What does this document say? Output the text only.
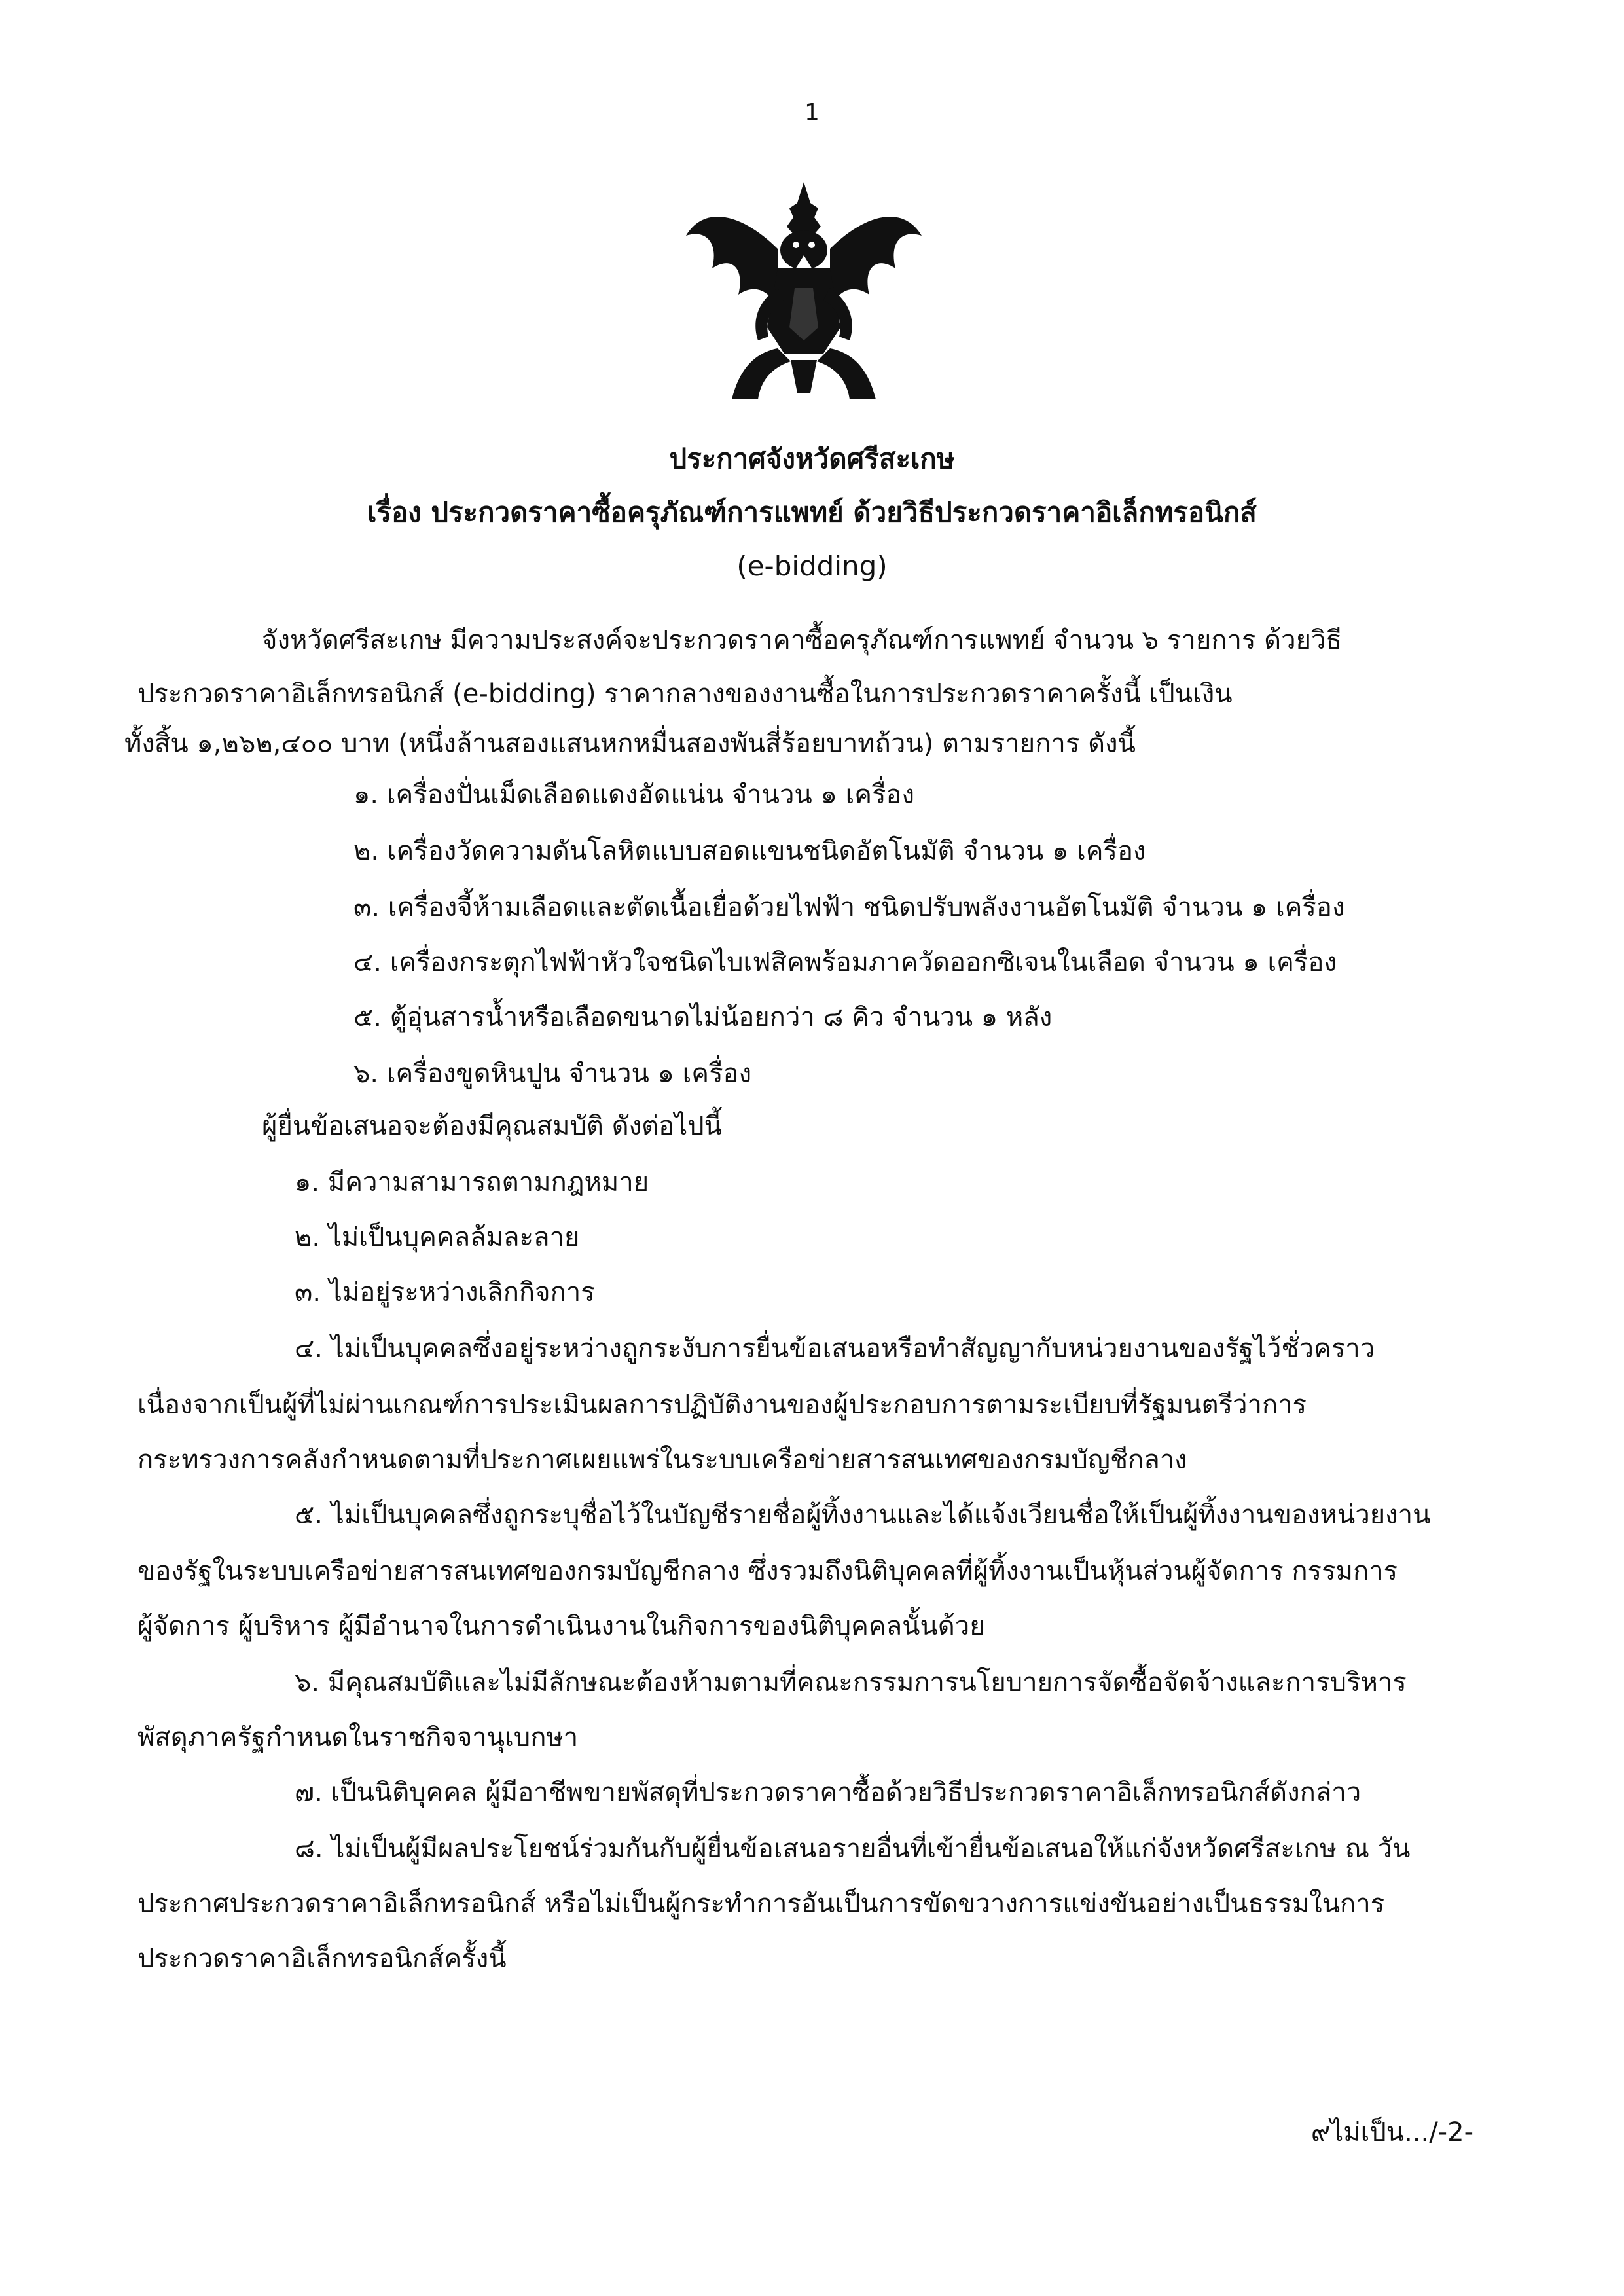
1
ประกาศจังหวัดศรีสะเกษ
เรื่อง ประกวดราคาซื้อครุภัณฑ์การแพทย์ ด้วยวิธีประกวดราคาอิเล็กทรอนิกส์
(e-bidding)
จังหวัดศรีสะเกษ มีความประสงค์จะประกวดราคาซื้อครุภัณฑ์การแพทย์ จำนวน ๖ รายการ ด้วยวิธี
ประกวดราคาอิเล็กทรอนิกส์ (e-bidding) ราคากลางของงานซื้อในการประกวดราคาครั้งนี้ เป็นเงิน
ทั้งสิ้น ๑,๒๖๒,๔๐๐ บาท (หนึ่งล้านสองแสนหกหมื่นสองพันสี่ร้อยบาทถ้วน) ตามรายการ ดังนี้
๑. เครื่องปั่นเม็ดเลือดแดงอัดแน่น จำนวน ๑ เครื่อง
๒. เครื่องวัดความดันโลหิตแบบสอดแขนชนิดอัตโนมัติ จำนวน ๑ เครื่อง
๓. เครื่องจี้ห้ามเลือดและตัดเนื้อเยื่อด้วยไฟฟ้า ชนิดปรับพลังงานอัตโนมัติ จำนวน ๑ เครื่อง
๔. เครื่องกระตุกไฟฟ้าหัวใจชนิดไบเฟสิคพร้อมภาควัดออกซิเจนในเลือด จำนวน ๑ เครื่อง
๕. ตู้อุ่นสารน้ำหรือเลือดขนาดไม่น้อยกว่า ๘ คิว จำนวน ๑ หลัง
๖. เครื่องขูดหินปูน จำนวน ๑ เครื่อง
ผู้ยื่นข้อเสนอจะต้องมีคุณสมบัติ ดังต่อไปนี้
๑. มีความสามารถตามกฎหมาย
๒. ไม่เป็นบุคคลล้มละลาย
๓. ไม่อยู่ระหว่างเลิกกิจการ
๔. ไม่เป็นบุคคลซึ่งอยู่ระหว่างถูกระงับการยื่นข้อเสนอหรือทำสัญญากับหน่วยงานของรัฐไว้ชั่วคราว
เนื่องจากเป็นผู้ที่ไม่ผ่านเกณฑ์การประเมินผลการปฏิบัติงานของผู้ประกอบการตามระเบียบที่รัฐมนตรีว่าการ
กระทรวงการคลังกำหนดตามที่ประกาศเผยแพร่ในระบบเครือข่ายสารสนเทศของกรมบัญชีกลาง
๕. ไม่เป็นบุคคลซึ่งถูกระบุชื่อไว้ในบัญชีรายชื่อผู้ทิ้งงานและได้แจ้งเวียนชื่อให้เป็นผู้ทิ้งงานของหน่วยงาน
ของรัฐในระบบเครือข่ายสารสนเทศของกรมบัญชีกลาง ซึ่งรวมถึงนิติบุคคลที่ผู้ทิ้งงานเป็นหุ้นส่วนผู้จัดการ กรรมการ
ผู้จัดการ ผู้บริหาร ผู้มีอำนาจในการดำเนินงานในกิจการของนิติบุคคลนั้นด้วย
๖. มีคุณสมบัติและไม่มีลักษณะต้องห้ามตามที่คณะกรรมการนโยบายการจัดซื้อจัดจ้างและการบริหาร
พัสดุภาครัฐกำหนดในราชกิจจานุเบกษา
๗. เป็นนิติบุคคล ผู้มีอาชีพขายพัสดุที่ประกวดราคาซื้อด้วยวิธีประกวดราคาอิเล็กทรอนิกส์ดังกล่าว
๘. ไม่เป็นผู้มีผลประโยชน์ร่วมกันกับผู้ยื่นข้อเสนอรายอื่นที่เข้ายื่นข้อเสนอให้แก่จังหวัดศรีสะเกษ ณ วัน
ประกาศประกวดราคาอิเล็กทรอนิกส์ หรือไม่เป็นผู้กระทำการอันเป็นการขัดขวางการแข่งขันอย่างเป็นธรรมในการ
ประกวดราคาอิเล็กทรอนิกส์ครั้งนี้
๙ไม่เป็น.../-2-
